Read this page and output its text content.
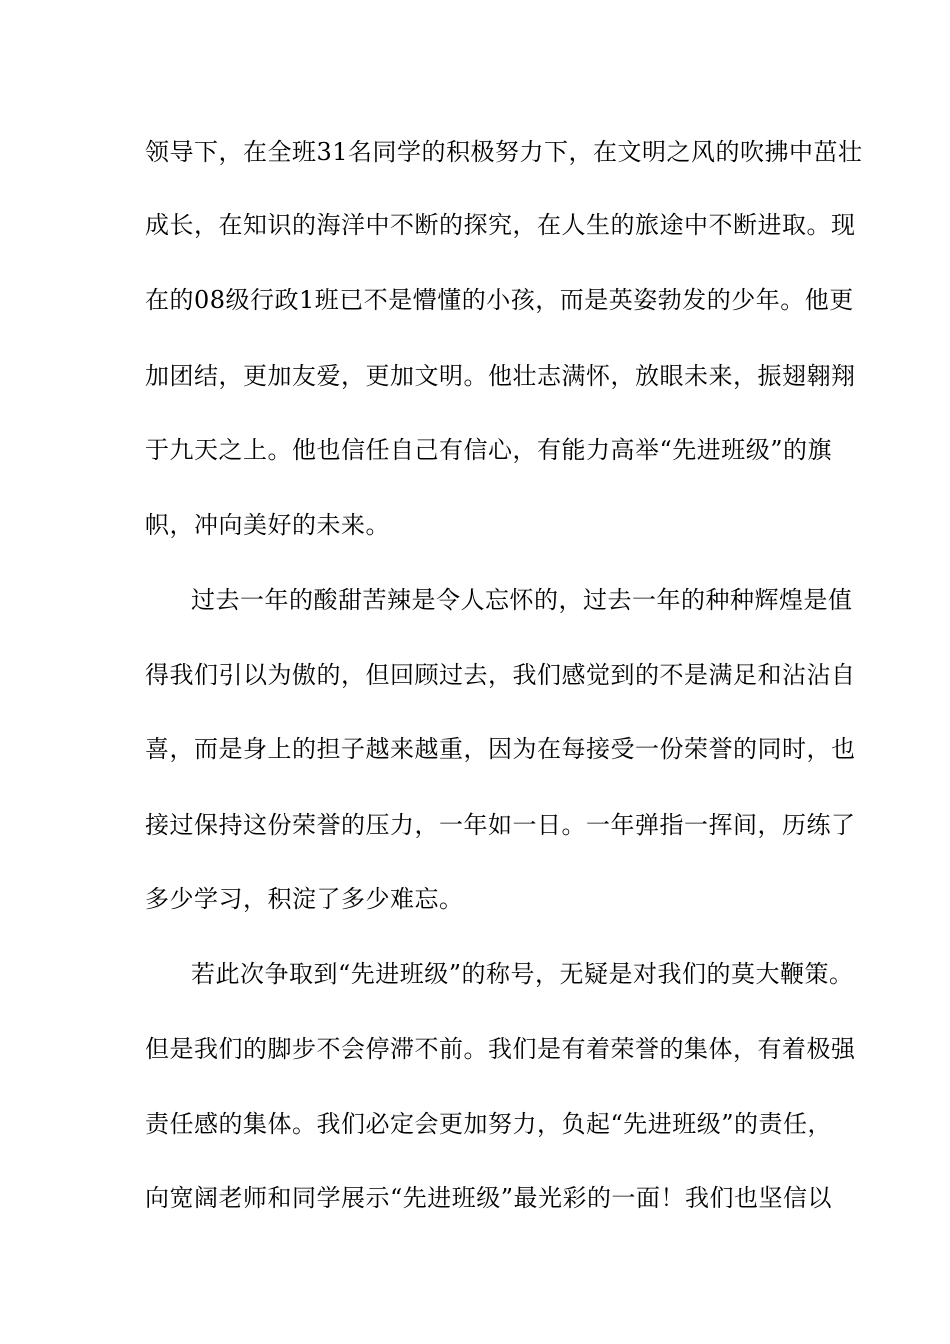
领导下，在全班31名同学的积极努力下，在文明之风的吹拂中茁壮
成长，在知识的海洋中不断的探究，在人生的旅途中不断进取。现
在的08级行政1班已不是懵懂的小孩，而是英姿勃发的少年。他更
加团结，更加友爱，更加文明。他壮志满怀，放眼未来，振翅翱翔
于九天之上。他也信任自己有信心，有能力高举“先进班级”的旗
帜，冲向美好的未来。
过去一年的酸甜苦辣是令人忘怀的，过去一年的种种辉煌是值
得我们引以为傲的，但回顾过去，我们感觉到的不是满足和沾沾自
喜，而是身上的担子越来越重，因为在每接受一份荣誉的同时，也
接过保持这份荣誉的压力，一年如一日。一年弹指一挥间，历练了
多少学习，积淀了多少难忘。
若此次争取到“先进班级”的称号，无疑是对我们的莫大鞭策。
但是我们的脚步不会停滞不前。我们是有着荣誉的集体，有着极强
责任感的集体。我们必定会更加努力，负起“先进班级”的责任，
向宽阔老师和同学展示“先进班级”最光彩的一面！我们也坚信以
